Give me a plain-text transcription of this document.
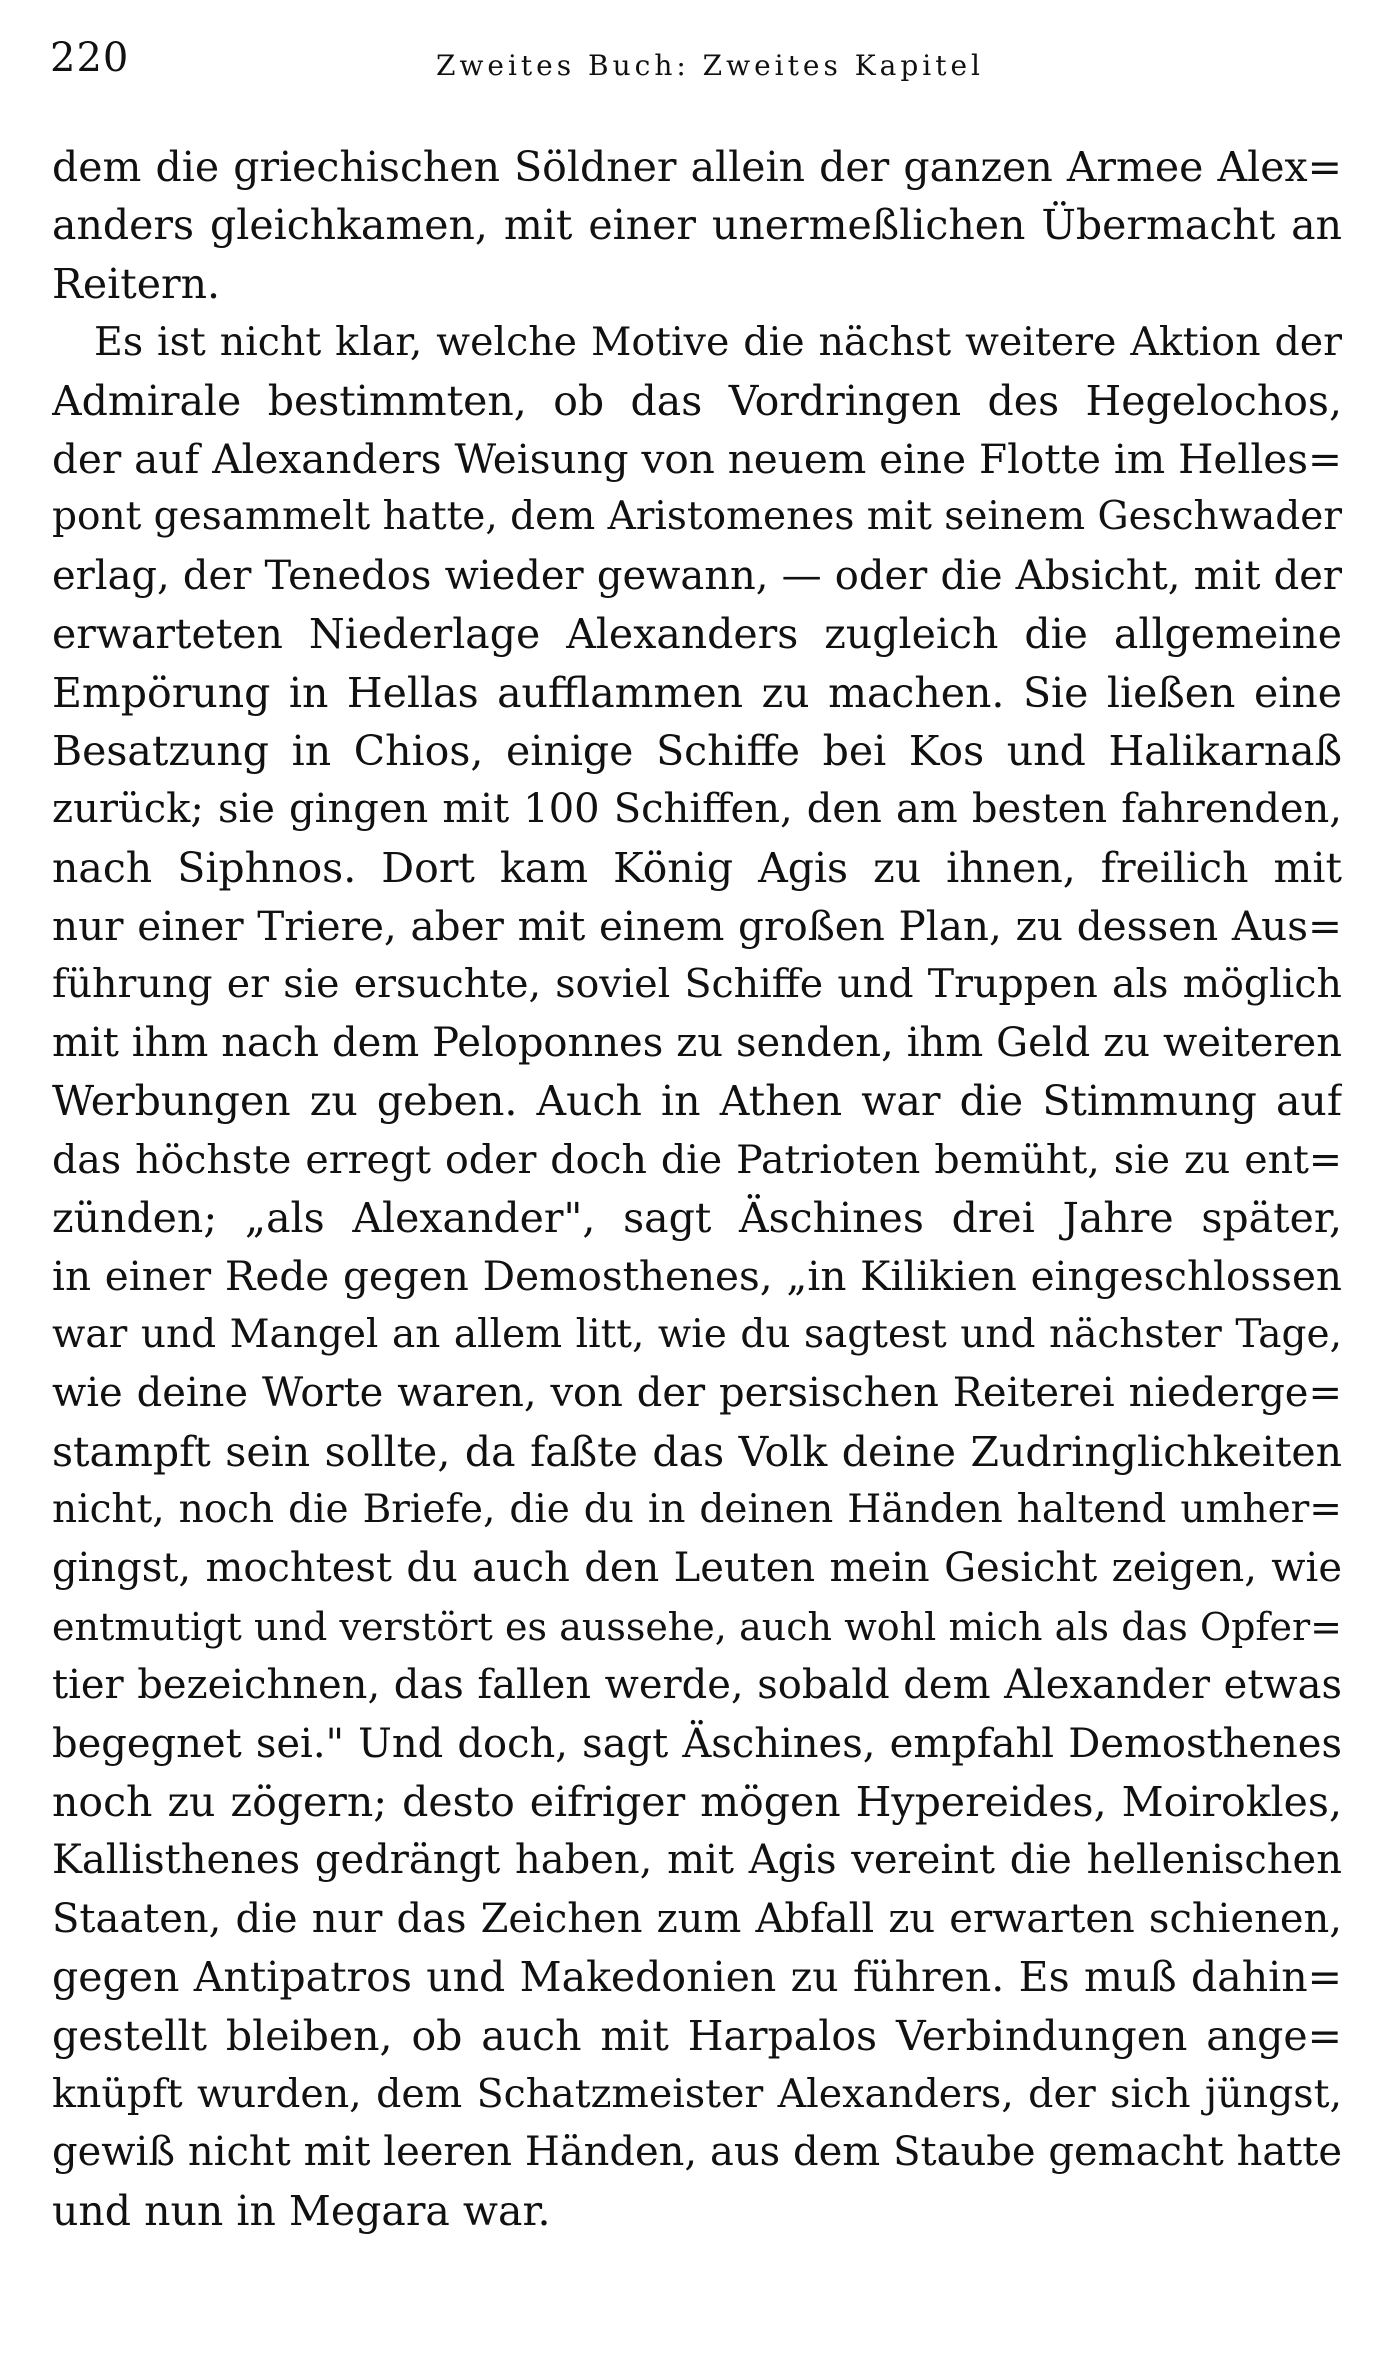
220	Zweites Buch: Zweites Kapitel
dem die griechischen Söldner allein der ganzen Armee Alex=
anders gleichkamen, mit einer unermeßlichen Übermacht an
Reitern.
Es ist nicht klar, welche Motive die nächst weitere Aktion der
Admirale bestimmten, ob das Vordringen des Hegelochos,
der auf Alexanders Weisung von neuem eine Flotte im Helles=
pont gesammelt hatte, dem Aristomenes mit seinem Geschwader
erlag, der Tenedos wieder gewann, — oder die Absicht, mit der
erwarteten Niederlage Alexanders zugleich die allgemeine
Empörung in Hellas aufflammen zu machen. Sie ließen eine
Besatzung in Chios, einige Schiffe bei Kos und Halikarnaß
zurück; sie gingen mit 100 Schiffen, den am besten fahrenden,
nach Siphnos. Dort kam König Agis zu ihnen, freilich mit
nur einer Triere, aber mit einem großen Plan, zu dessen Aus=
führung er sie ersuchte, soviel Schiffe und Truppen als möglich
mit ihm nach dem Peloponnes zu senden, ihm Geld zu weiteren
Werbungen zu geben. Auch in Athen war die Stimmung auf
das höchste erregt oder doch die Patrioten bemüht, sie zu ent=
zünden; „als Alexander", sagt Äschines drei Jahre später,
in einer Rede gegen Demosthenes, „in Kilikien eingeschlossen
war und Mangel an allem litt, wie du sagtest und nächster Tage,
wie deine Worte waren, von der persischen Reiterei niederge=
stampft sein sollte, da faßte das Volk deine Zudringlichkeiten
nicht, noch die Briefe, die du in deinen Händen haltend umher=
gingst, mochtest du auch den Leuten mein Gesicht zeigen, wie
entmutigt und verstört es aussehe, auch wohl mich als das Opfer=
tier bezeichnen, das fallen werde, sobald dem Alexander etwas
begegnet sei." Und doch, sagt Äschines, empfahl Demosthenes
noch zu zögern; desto eifriger mögen Hypereides, Moirokles,
Kallisthenes gedrängt haben, mit Agis vereint die hellenischen
Staaten, die nur das Zeichen zum Abfall zu erwarten schienen,
gegen Antipatros und Makedonien zu führen. Es muß dahin=
gestellt bleiben, ob auch mit Harpalos Verbindungen ange=
knüpft wurden, dem Schatzmeister Alexanders, der sich jüngst,
gewiß nicht mit leeren Händen, aus dem Staube gemacht hatte
und nun in Megara war.
